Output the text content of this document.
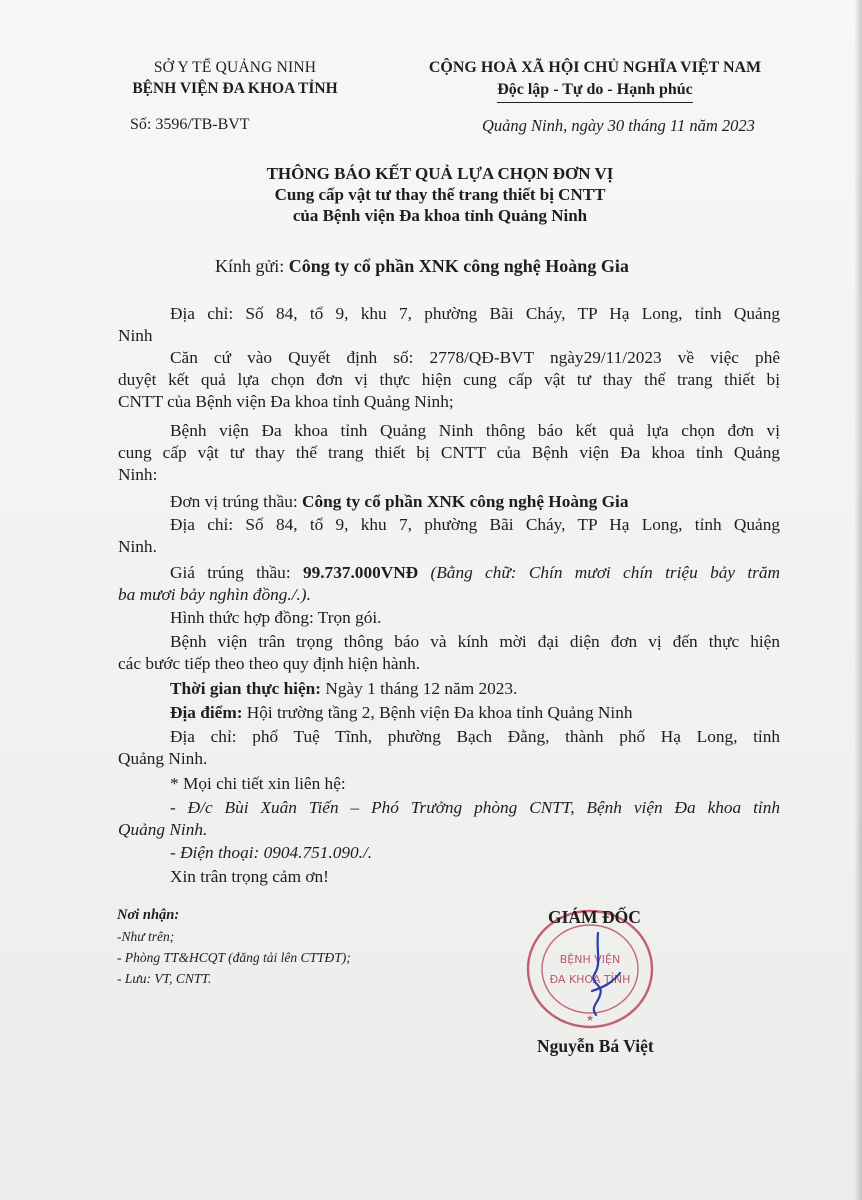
SỞ Y TẾ QUẢNG NINH
BỆNH VIỆN ĐA KHOA TỈNH
CỘNG HOÀ XÃ HỘI CHỦ NGHĨA VIỆT NAM
Độc lập - Tự do - Hạnh phúc
Số: 3596/TB-BVT	Quảng Ninh, ngày 30 tháng 11 năm 2023
THÔNG BÁO KẾT QUẢ LỰA CHỌN ĐƠN VỊ
Cung cấp vật tư thay thế trang thiết bị CNTT
của Bệnh viện Đa khoa tỉnh Quảng Ninh
Kính gửi: Công ty cổ phần XNK công nghệ Hoàng Gia
Địa chỉ: Số 84, tổ 9, khu 7, phường Bãi Cháy, TP Hạ Long, tỉnh Quảng
Ninh
Căn cứ vào Quyết định số: 2778/QĐ-BVT ngày29/11/2023 về việc phê
duyệt kết quả lựa chọn đơn vị thực hiện cung cấp vật tư thay thế trang thiết bị
CNTT của Bệnh viện Đa khoa tỉnh Quảng Ninh;
Bệnh viện Đa khoa tỉnh Quảng Ninh thông báo kết quả lựa chọn đơn vị
cung cấp vật tư thay thế trang thiết bị CNTT của Bệnh viện Đa khoa tỉnh Quảng
Ninh:
Đơn vị trúng thầu: Công ty cổ phần XNK công nghệ Hoàng Gia
Địa chỉ: Số 84, tổ 9, khu 7, phường Bãi Cháy, TP Hạ Long, tỉnh Quảng
Ninh.
Giá trúng thầu: 99.737.000VNĐ (Bằng chữ: Chín mươi chín triệu bảy trăm
ba mươi bảy nghìn đồng./.).
Hình thức hợp đồng: Trọn gói.
Bệnh viện trân trọng thông báo và kính mời đại diện đơn vị đến thực hiện
các bước tiếp theo theo quy định hiện hành.
Thời gian thực hiện: Ngày 1 tháng 12 năm 2023.
Địa điểm: Hội trường tầng 2, Bệnh viện Đa khoa tỉnh Quảng Ninh
Địa chỉ: phố Tuệ Tĩnh, phường Bạch Đằng, thành phố Hạ Long, tỉnh
Quảng Ninh.
* Mọi chi tiết xin liên hệ:
- Đ/c Bùi Xuân Tiến – Phó Trưởng phòng CNTT, Bệnh viện Đa khoa tỉnh
Quảng Ninh.
- Điện thoại: 0904.751.090./.
Xin trân trọng cảm ơn!
Nơi nhận:
-Như trên;
- Phòng TT&HCQT (đăng tải lên CTTĐT);
- Lưu: VT, CNTT.
BỆNH VIỆN
ĐA KHOA TỈNH
★
GIÁM ĐỐC
Nguyễn Bá Việt
